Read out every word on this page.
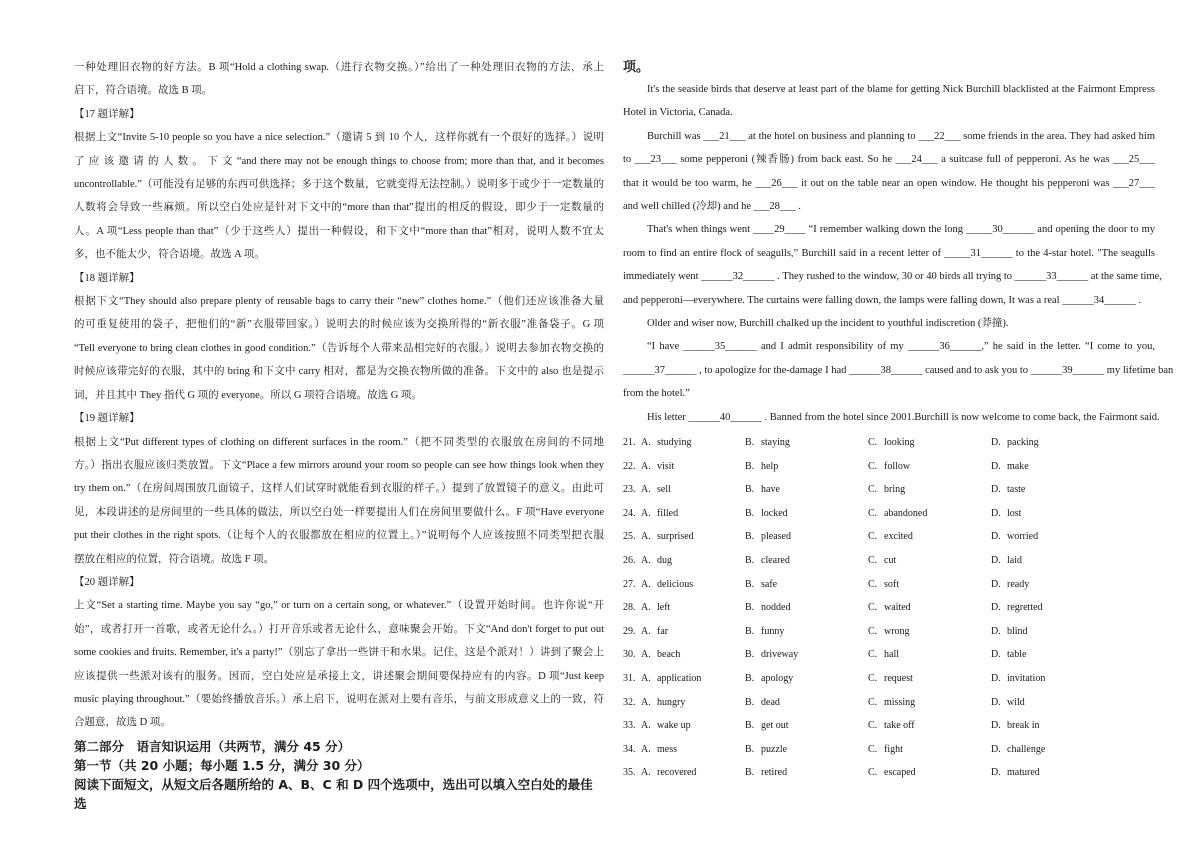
一种处理旧衣物的好方法。B 项“Hold a clothing swap.（进行衣物交换。）”给出了一种处理旧衣物的方法，承上
启下，符合语境。故选 B 项。
【17 题详解】
根据上文“Invite 5-10 people so you have a nice selection.”（邀请 5 到 10 个人，这样你就有一个很好的选择。）说明
了 应 该 邀 请 的 人 数 。 下 文 “and there may not be enough things to choose from; more than that, and it becomes
uncontrollable.”（可能没有足够的东西可供选择；多于这个数量，它就变得无法控制。）说明多于或少于一定数量的
人数将会导致一些麻烦。所以空白处应是针对下文中的“more than that”提出的相反的假设，即少于一定数量的
人。A 项“Less people than that”（少于这些人）提出一种假设，和下文中“more than that”相对，说明人数不宜太
多，也不能太少，符合语境。故选 A 项。
【18 题详解】
根据下文“They should also prepare plenty of reusable bags to carry their “new” clothes home.”（他们还应该准备大量
的可重复使用的袋子，把他们的“新”衣服带回家。）说明去的时候应该为交换所得的“新衣服”准备袋子。G 项
“Tell everyone to bring clean clothes in good condition.”（告诉每个人带来品相完好的衣服。）说明去参加衣物交换的
时候应该带完好的衣服，其中的 bring 和下文中 carry 相对，都是为交换衣物所做的准备。下文中的 also 也是提示
词，并且其中 They 指代 G 项的 everyone。所以 G 项符合语境。故选 G 项。
【19 题详解】
根据上文“Put different types of clothing on different surfaces in the room.”（把不同类型的衣服放在房间的不同地
方。）指出衣服应该归类放置。下文“Place a few mirrors around your room so people can see how things look when they
try them on.”（在房间周围放几面镜子，这样人们试穿时就能看到衣服的样子。）提到了放置镜子的意义。由此可
见，本段讲述的是房间里的一些具体的做法，所以空白处一样要提出人们在房间里要做什么。F 项“Have everyone
put their clothes in the right spots.（让每个人的衣服都放在相应的位置上。）”说明每个人应该按照不同类型把衣服
摆放在相应的位置，符合语境。故选 F 项。
【20 题详解】
上文“Set a starting time. Maybe you say “go,” or turn on a certain song, or whatever.”（设置开始时间。也许你说“开
始”，或者打开一首歌，或者无论什么。）打开音乐或者无论什么，意味聚会开始。下文“And don't forget to put out
some cookies and fruits. Remember, it's a party!”（别忘了拿出一些饼干和水果。记住，这是个派对！）讲到了聚会上
应该提供一些派对该有的服务。因而，空白处应是承接上文，讲述聚会期间要保持应有的内容。D 项“Just keep
music playing throughout.”（要始终播放音乐。）承上启下，说明在派对上要有音乐，与前文形成意义上的一致，符
合题意，故选 D 项。
第二部分　语言知识运用（共两节，满分 45 分）
第一节（共 20 小题；每小题 1.5 分，满分 30 分）
阅读下面短文，从短文后各题所给的 A、B、C 和 D 四个选项中，选出可以填入空白处的最佳选
项。
It's the seaside birds that deserve at least part of the blame for getting Nick Burchill blacklisted at the Fairmont Empress
Hotel in Victoria, Canada.
Burchill was ___21___ at the hotel on business and planning to ___22___ some friends in the area. They had asked him
to ___23___ some pepperoni (辣香肠) from back east. So he ___24___ a suitcase full of pepperoni. As he was ___25___
that it would be too warm, he ___26___ it out on the table near an open window. He thought his pepperoni was ___27___
and well chilled (冷却) and he ___28___ .
That's when things went ____29____ “I remember walking down the long _____30______ and opening the door to my
room to find an entire flock of seagulls,” Burchill said in a recent letter of _____31______ to the 4-star hotel. "The seagulls
immediately went ______32______ . They rushed to the window, 30 or 40 birds all trying to ______33______ at the same time,
and pepperoni—everywhere. The curtains were falling down, the lamps were falling down, It was a real ______34______ .
Older and wiser now, Burchill chalked up the incident to youthful indiscretion (莽撞).
“I have ______35______ and I admit responsibility of my ______36______,” he said in the letter. “I come to you,
______37______ , to apologize for the-damage I had ______38______ caused and to ask you to ______39______ my lifetime ban
from the hotel.”
His letter ______40______ . Banned from the hotel since 2001.Burchill is now welcome to come back, the Fairmont said.
21. A. studying	B. staying	C. looking	D. packing
22. A. visit	B. help	C. follow	D. make
23. A. sell	B. have	C. bring	D. taste
24. A. filled	B. locked	C. abandoned	D. lost
25. A. surprised	B. pleased	C. excited	D. worried
26. A. dug	B. cleared	C. cut	D. laid
27. A. delicious	B. safe	C. soft	D. ready
28. A. left	B. nodded	C. waited	D. regretted
29. A. far	B. funny	C. wrong	D. blind
30. A. beach	B. driveway	C. hall	D. table
31. A. application	B. apology	C. request	D. invitation
32. A. hungry	B. dead	C. missing	D. wild
33. A. wake up	B. get out	C. take off	D. break in
34. A. mess	B. puzzle	C. fight	D. challenge
35. A. recovered	B. retired	C. escaped	D. matured
